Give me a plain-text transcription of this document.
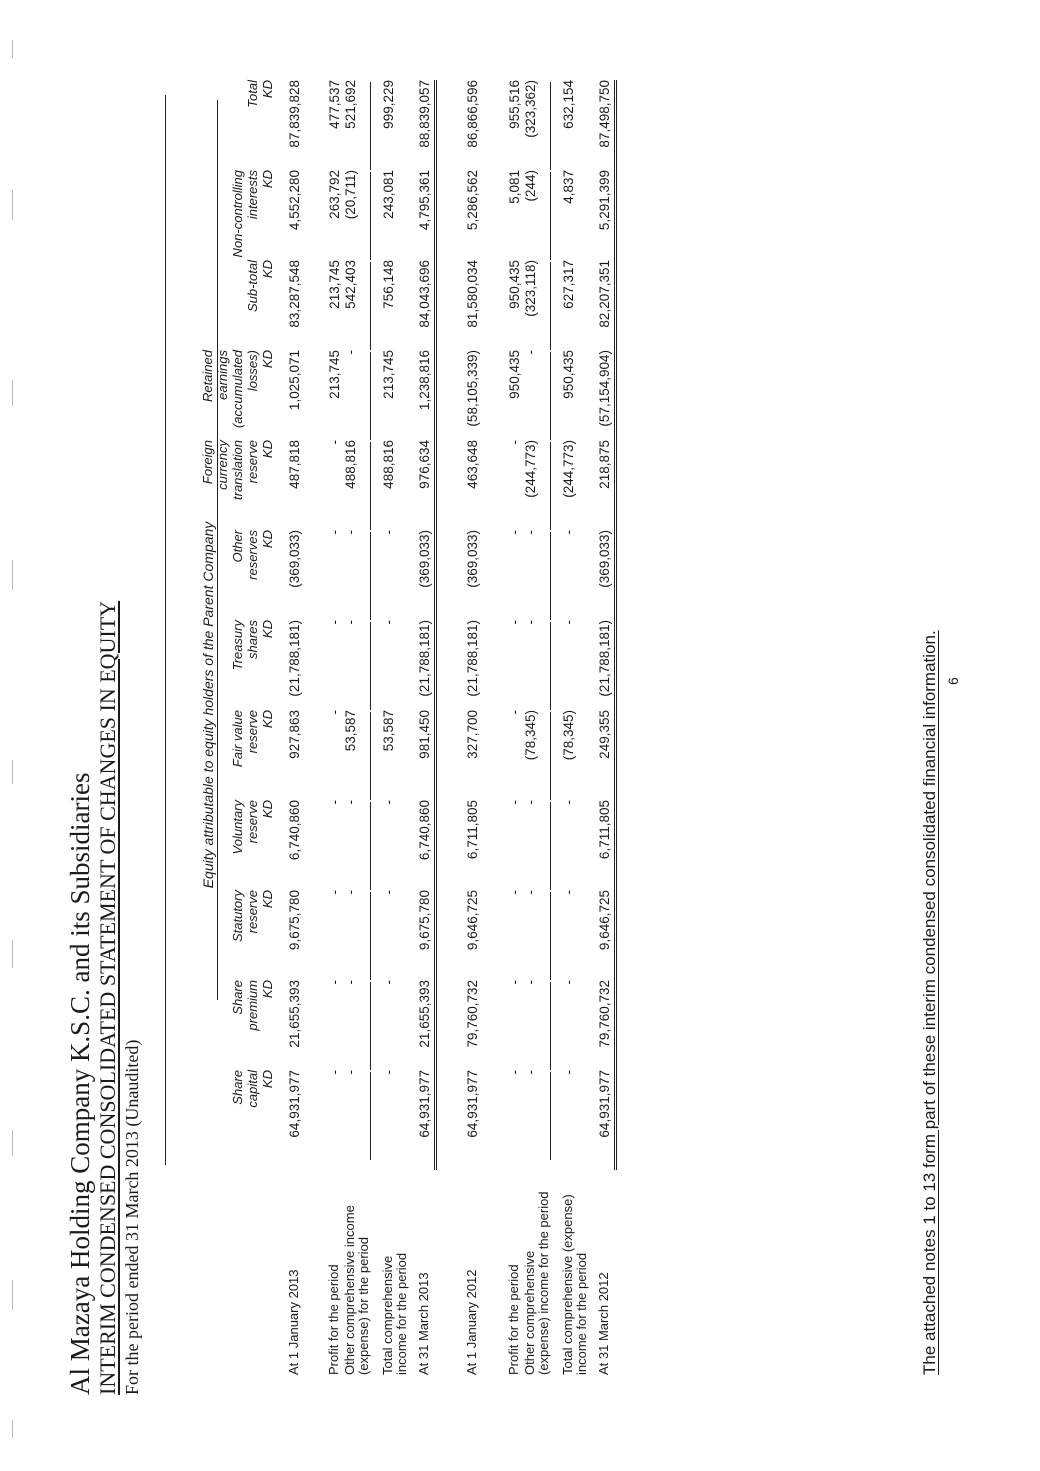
Al Mazaya Holding Company K.S.C. and its Subsidiaries INTERIM CONDENSED CONSOLIDATED STATEMENT OF CHANGES IN EQUITY For the period ended 31 March 2013 (Unaudited)
Equity attributable to equity holders of the Parent Company
Share capital KD
Share premium KD
Statutory reserve KD
Voluntary reserve KD
Fair value reserve KD
Treasury shares KD
Other reserves KD
Foreign currency translation reserve KD
Retained earnings (accumulated losses) KD
Sub-total KD
Non-controlling interests KD
Total KD
At 1 January 2013
64,931,977
21,655,393
9,675,780
6,740,860
927,863
(21,788,181)
(369,033)
487,818
1,025,071
83,287,548
4,552,280
87,839,828
Profit for the period
-
-
-
-
-
-
-
-
213,745
213,745
263,792
477,537
Other comprehensive income (expense) for the period
-
-
-
-
53,587
-
-
488,816
-
542,403
(20,711)
521,692
Total comprehensive income for the period
-
-
-
-
53,587
-
-
488,816
213,745
756,148
243,081
999,229
At 31 March 2013
64,931,977
21,655,393
9,675,780
6,740,860
981,450
(21,788,181)
(369,033)
976,634
1,238,816
84,043,696
4,795,361
88,839,057
At 1 January 2012
64,931,977
79,760,732
9,646,725
6,711,805
327,700
(21,788,181)
(369,033)
463,648
(58,105,339)
81,580,034
5,286,562
86,866,596
Profit for the period
-
-
-
-
-
-
-
-
950,435
950,435
5,081
955,516
Other comprehensive (expense) income for the period
-
-
-
-
(78,345)
-
-
(244,773)
-
(323,118)
(244)
(323,362)
Total comprehensive (expense) income for the period
-
-
-
-
(78,345)
-
-
(244,773)
950,435
627,317
4,837
632,154
At 31 March 2012
64,931,977
79,760,732
9,646,725
6,711,805
249,355
(21,788,181)
(369,033)
218,875
(57,154,904)
82,207,351
5,291,399
87,498,750
The attached notes 1 to 13 form part of these interim condensed consolidated financial information. 6
